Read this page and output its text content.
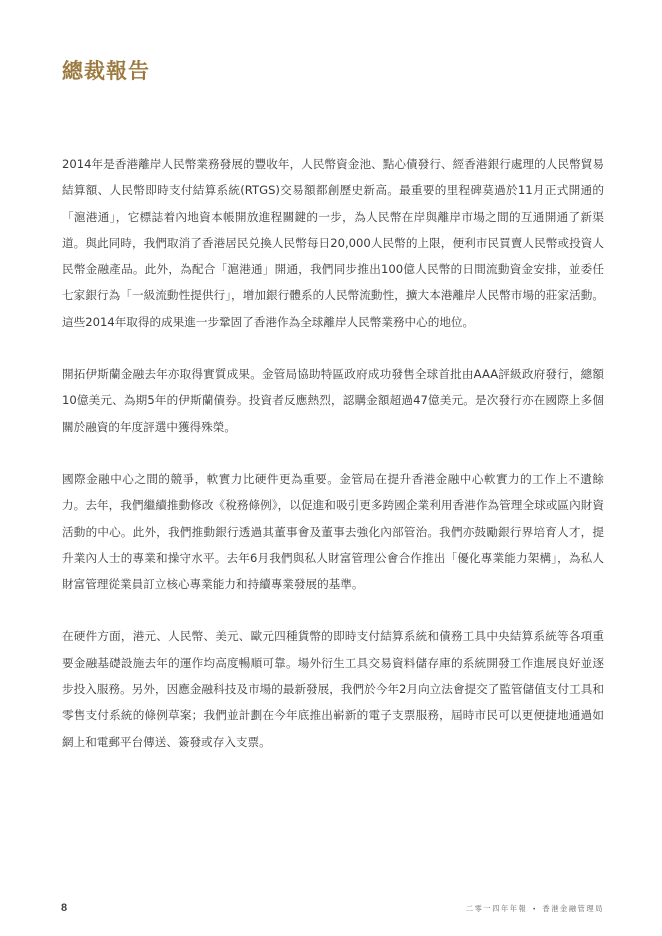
總裁報告

2014年是香港離岸人民幣業務發展的豐收年，人民幣資金池、點心債發行、經香港銀行處理的人民幣貿易結算額、人民幣即時支付結算系統(RTGS)交易額都創歷史新高。最重要的里程碑莫過於11月正式開通的「滬港通」，它標誌着內地資本帳開放進程關鍵的一步，為人民幣在岸與離岸市場之間的互通開通了新渠道。與此同時，我們取消了香港居民兑換人民幣每日20,000人民幣的上限，便利市民買賣人民幣或投資人民幣金融產品。此外，為配合「滬港通」開通，我們同步推出100億人民幣的日間流動資金安排，並委任七家銀行為「一級流動性提供行」，增加銀行體系的人民幣流動性，擴大本港離岸人民幣市場的莊家活動。這些2014年取得的成果進一步鞏固了香港作為全球離岸人民幣業務中心的地位。

開拓伊斯蘭金融去年亦取得實質成果。金管局協助特區政府成功發售全球首批由AAA評級政府發行，總額10億美元、為期5年的伊斯蘭債券。投資者反應熱烈，認購金額超過47億美元。是次發行亦在國際上多個關於融資的年度評選中獲得殊榮。

國際金融中心之間的競爭，軟實力比硬件更為重要。金管局在提升香港金融中心軟實力的工作上不遺餘力。去年，我們繼續推動修改《稅務條例》，以促進和吸引更多跨國企業利用香港作為管理全球或區內財資活動的中心。此外，我們推動銀行透過其董事會及董事去強化內部管治。我們亦鼓勵銀行界培育人才，提升業內人士的專業和操守水平。去年6月我們與私人財富管理公會合作推出「優化專業能力架構」，為私人財富管理從業員訂立核心專業能力和持續專業發展的基準。

在硬件方面，港元、人民幣、美元、歐元四種貨幣的即時支付結算系統和債務工具中央結算系統等各項重要金融基礎設施去年的運作均高度暢順可靠。場外衍生工具交易資料儲存庫的系統開發工作進展良好並逐步投入服務。另外，因應金融科技及市場的最新發展，我們於今年2月向立法會提交了監管儲值支付工具和零售支付系統的條例草案；我們並計劃在今年底推出嶄新的電子支票服務，屆時市民可以更便捷地通過如網上和電郵平台傳送、簽發或存入支票。

8	二零一四年年報 • 香港金融管理局
